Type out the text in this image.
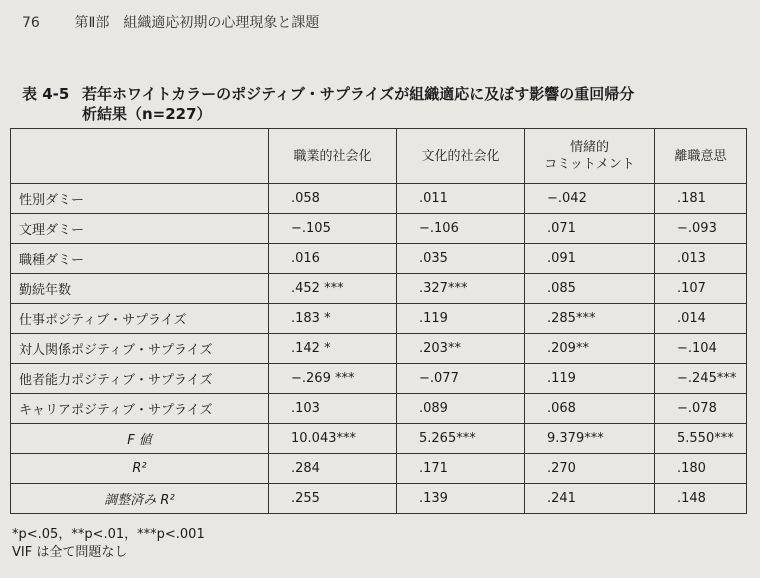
76 第Ⅱ部　組織適応初期の心理現象と課題
表 4-5 若年ホワイトカラーのポジティブ・サプライズが組織適応に及ぼす影響の重回帰分
析結果（n=227）
	職業的社会化	文化的社会化	情緒的
コミットメント	離職意思
性別ダミー	.058	.011	−.042	.181
文理ダミー	−.105	−.106	.071	−.093
職種ダミー	.016	.035	.091	.013
勤続年数	.452 ***	.327***	.085	.107
仕事ポジティブ・サプライズ	.183 *	.119	.285***	.014
対人関係ポジティブ・サプライズ	.142 *	.203**	.209**	−.104
他者能力ポジティブ・サプライズ	−.269 ***	−.077	.119	−.245***
キャリアポジティブ・サプライズ	.103	.089	.068	−.078
F 値	10.043***	5.265***	9.379***	5.550***
R²	.284	.171	.270	.180
調整済み R²	.255	.139	.241	.148
*p<.05，**p<.01，***p<.001
VIF は全て問題なし
